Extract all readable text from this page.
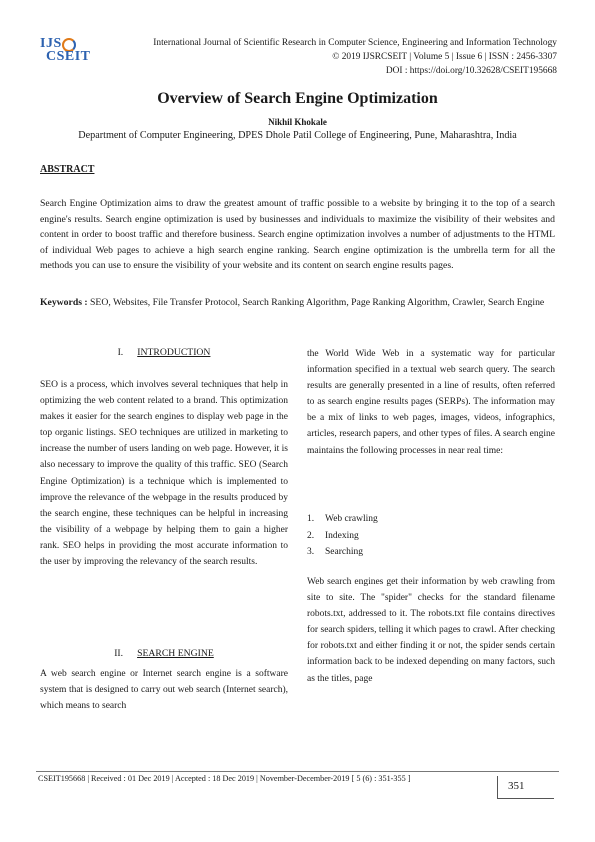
IJS
CSEIT
International Journal of Scientific Research in Computer Science, Engineering and Information Technology
© 2019 IJSRCSEIT | Volume 5 | Issue 6 | ISSN : 2456-3307
DOI : https://doi.org/10.32628/CSEIT195668
Overview of Search Engine Optimization
Nikhil Khokale
Department of Computer Engineering, DPES Dhole Patil College of Engineering, Pune, Maharashtra, India
ABSTRACT
Search Engine Optimization aims to draw the greatest amount of traffic possible to a website by bringing it to the top of a search engine's results. Search engine optimization is used by businesses and individuals to maximize the visibility of their websites and content in order to boost traffic and therefore business. Search engine optimization involves a number of adjustments to the HTML of individual Web pages to achieve a high search engine ranking. Search engine optimization is the umbrella term for all the methods you can use to ensure the visibility of your website and its content on search engine results pages.
Keywords : SEO, Websites, File Transfer Protocol, Search Ranking Algorithm, Page Ranking Algorithm, Crawler, Search Engine
I. INTRODUCTION
SEO is a process, which involves several techniques that help in optimizing the web content related to a brand. This optimization makes it easier for the search engines to display web page in the top organic listings. SEO techniques are utilized in marketing to increase the number of users landing on web page. However, it is also necessary to improve the quality of this traffic. SEO (Search Engine Optimization) is a technique which is implemented to improve the relevance of the webpage in the results produced by the search engine, these techniques can be helpful in increasing the visibility of a webpage by helping them to gain a higher rank. SEO helps in providing the most accurate information to the user by improving the relevancy of the search results.
II. SEARCH ENGINE
A web search engine or Internet search engine is a software system that is designed to carry out web search (Internet search), which means to search
the World Wide Web in a systematic way for particular information specified in a textual web search query. The search results are generally presented in a line of results, often referred to as search engine results pages (SERPs). The information may be a mix of links to web pages, images, videos, infographics, articles, research papers, and other types of files. A search engine maintains the following processes in near real time:
1. Web crawling
2. Indexing
3. Searching
Web search engines get their information by web crawling from site to site. The "spider" checks for the standard filename robots.txt, addressed to it. The robots.txt file contains directives for search spiders, telling it which pages to crawl. After checking for robots.txt and either finding it or not, the spider sends certain information back to be indexed depending on many factors, such as the titles, page
CSEIT195668 | Received : 01 Dec 2019 | Accepted : 18 Dec 2019 | November-December-2019 [ 5 (6) : 351-355 ]
351
